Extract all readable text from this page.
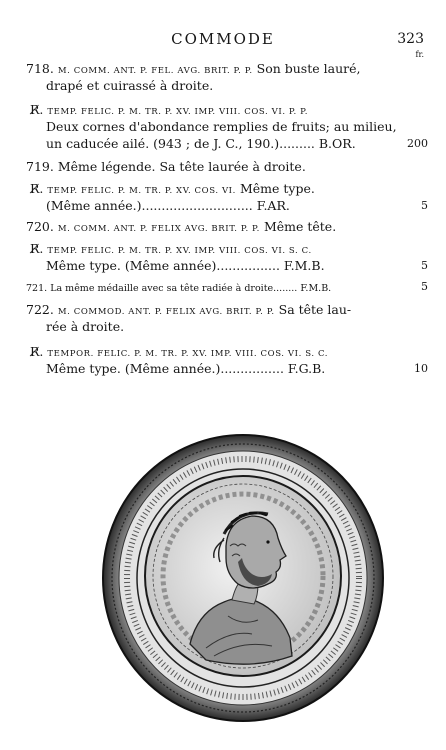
COMMODE	323
fr.
718. M. COMM. ANT. P. FEL. AVG. BRIT. P. P. Son buste lauré,
drapé et cuirassé à droite.
R̸. TEMP. FELIC. P. M. TR. P. XV. IMP. VIII. COS. VI. P. P.
Deux cornes d'abondance remplies de fruits; au milieu,
un caducée ailé. (943 ; de J. C., 190.)......... B.OR.	200
719. Même légende. Sa tête laurée à droite.
R̸. TEMP. FELIC. P. M. TR. P. XV. COS. VI. Même type.
(Même année.)............................ F.AR.	5
720. M. COMM. ANT. P. FELIX AVG. BRIT. P. P. Même tête.
R̸. TEMP. FELIC. P. M. TR. P. XV. IMP. VIII. COS. VI. S. C.
Même type. (Même année)................ F.M.B.	5
721. La même médaille avec sa tête radiée à droite........ F.M.B.	5
722. M. COMMOD. ANT. P. FELIX AVG. BRIT. P. P. Sa tête lau-
rée à droite.
R̸. TEMPOR. FELIC. P. M. TR. P. XV. IMP. VIII. COS. VI. S. C.
Même type. (Même année.)................ F.G.B.	10
